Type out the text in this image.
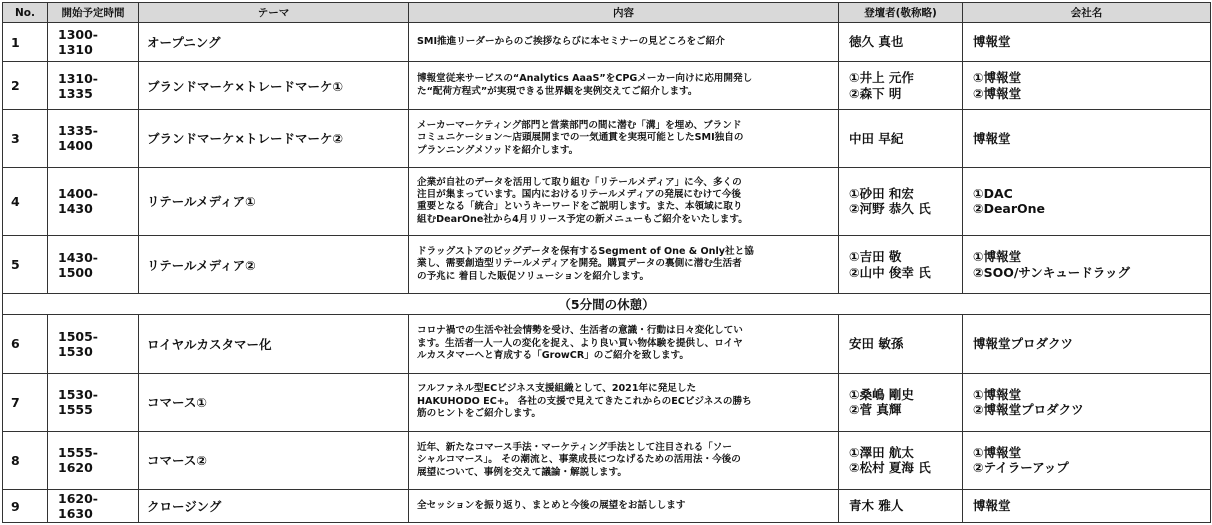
No.	開始予定時間	テーマ	内容	登壇者(敬称略)	会社名
1	1300-1310	オープニング	SMI推進リーダーからのご挨拶ならびに本セミナーの見どころをご紹介	徳久 真也	博報堂

2	1310-1335	ブランドマーケ×トレードマーケ①	博報堂従来サービスの“Analytics AaaS”をCPGメーカー向けに応用開発し
た“配荷方程式”が実現できる世界観を実例交えてご紹介します。	①井上 元作
②森下 明	①博報堂
②博報堂

3	1335-1400	ブランドマーケ×トレードマーケ②	メーカーマーケティング部門と営業部門の間に潜む「溝」を埋め、ブランド
コミュニケーション～店頭展開までの一気通貫を実現可能としたSMI独自の
プランニングメソッドを紹介します。	中田 早紀	博報堂

4	1400-1430	リテールメディア①	企業が自社のデータを活用して取り組む「リテールメディア」に今、多くの
注目が集まっています。国内におけるリテールメディアの発展にむけて今後
重要となる「統合」というキーワードをご説明します。また、本領域に取り
組むDearOne社から4月リリース予定の新メニューもご紹介をいたします。	①砂田 和宏
②河野 恭久 氏	①DAC
②DearOne

5	1430-1500	リテールメディア②	ドラッグストアのビッグデータを保有するSegment of One & Only社と協
業し、需要創造型リテールメディアを開発。購買データの裏側に潜む生活者
の予兆に 着目した販促ソリューションを紹介します。	①吉田 敬
②山中 俊幸 氏	①博報堂
②SOO/サンキュードラッグ

（5分間の休憩）					
6	1505-1530	ロイヤルカスタマー化	コロナ禍での生活や社会情勢を受け、生活者の意識・行動は日々変化してい
ます。生活者一人一人の変化を捉え、より良い買い物体験を提供し、ロイヤ
ルカスタマーへと育成する「GrowCR」のご紹介を致します。	安田 敏孫	博報堂プロダクツ

7	1530-1555	コマース①	フルファネル型ECビジネス支援組織として、2021年に発足した
HAKUHODO EC+。 各社の支援で見えてきたこれからのECビジネスの勝ち
筋のヒントをご紹介します。	①桑嶋 剛史
②菅 真輝	①博報堂
②博報堂プロダクツ

8	1555-1620	コマース②	近年、新たなコマース手法・マーケティング手法として注目される「ソー
シャルコマース」。 その潮流と、事業成長につなげるための活用法・今後の
展望について、事例を交えて議論・解説します。	①澤田 航太
②松村 夏海 氏	①博報堂
②テイラーアップ

9	1620-1630	クロージング	全セッションを振り返り、まとめと今後の展望をお話しします	青木 雅人	博報堂
